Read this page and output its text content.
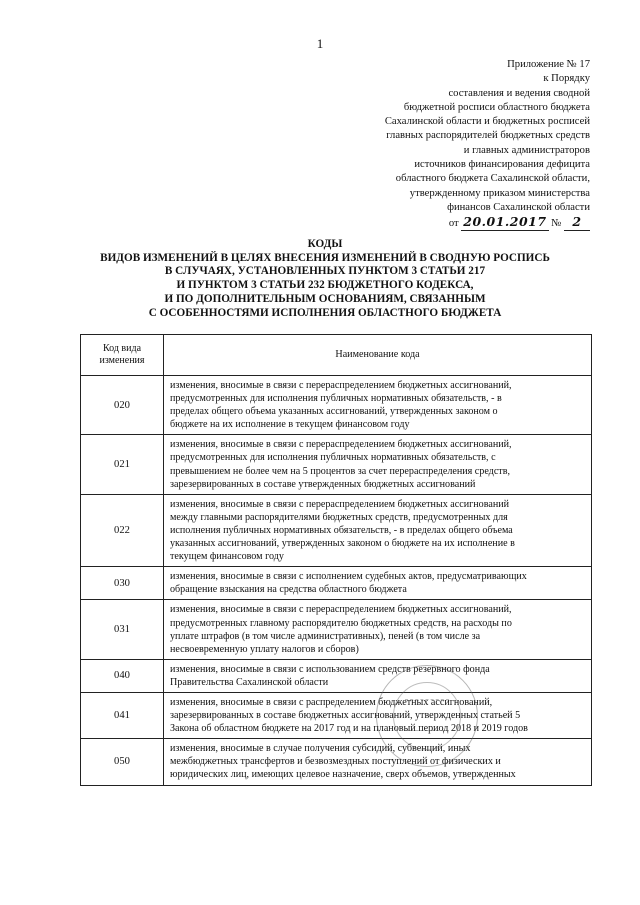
1
Приложение № 17
к Порядку
составления и ведения сводной
бюджетной росписи областного бюджета
Сахалинской области и бюджетных росписей
главных распорядителей бюджетных средств
и главных администраторов
источников финансирования дефицита
областного бюджета Сахалинской области,
утвержденному приказом министерства
финансов Сахалинской области
от 20.01.2017 № 2
КОДЫ
ВИДОВ ИЗМЕНЕНИЙ В ЦЕЛЯХ ВНЕСЕНИЯ ИЗМЕНЕНИЙ В СВОДНУЮ РОСПИСЬ
В СЛУЧАЯХ, УСТАНОВЛЕННЫХ ПУНКТОМ 3 СТАТЬИ 217
И ПУНКТОМ 3 СТАТЬИ 232 БЮДЖЕТНОГО КОДЕКСА,
И ПО ДОПОЛНИТЕЛЬНЫМ ОСНОВАНИЯМ, СВЯЗАННЫМ
С ОСОБЕННОСТЯМИ ИСПОЛНЕНИЯ ОБЛАСТНОГО БЮДЖЕТА
Код вида
изменения	Наименование кода
020	изменения, вносимые в связи с перераспределением бюджетных ассигнований,
предусмотренных для исполнения публичных нормативных обязательств, - в
пределах общего объема указанных ассигнований, утвержденных законом о
бюджете на их исполнение в текущем финансовом году

021	изменения, вносимые в связи с перераспределением бюджетных ассигнований,
предусмотренных для исполнения публичных нормативных обязательств, с
превышением не более чем на 5 процентов за счет перераспределения средств,
зарезервированных в составе утвержденных бюджетных ассигнований

022	изменения, вносимые в связи с перераспределением бюджетных ассигнований
между главными распорядителями бюджетных средств, предусмотренных для
исполнения публичных нормативных обязательств, - в пределах общего объема
указанных ассигнований, утвержденных законом о бюджете на их исполнение в
текущем финансовом году

030	изменения, вносимые в связи с исполнением судебных актов, предусматривающих
обращение взыскания на средства областного бюджета

031	изменения, вносимые в связи с перераспределением бюджетных ассигнований,
предусмотренных главному распорядителю бюджетных средств, на расходы по
уплате штрафов (в том числе административных), пеней (в том числе за
несвоевременную уплату налогов и сборов)

040	изменения, вносимые в связи с использованием средств резервного фонда
Правительства Сахалинской области

041	изменения, вносимые в связи с распределением бюджетных ассигнований,
зарезервированных в составе бюджетных ассигнований, утвержденных статьей 5
Закона об областном бюджете на 2017 год и на плановый период 2018 и 2019 годов

050	изменения, вносимые в случае получения субсидий, субвенций, иных
межбюджетных трансфертов и безвозмездных поступлений от физических и
юридических лиц, имеющих целевое назначение, сверх объемов, утвержденных
